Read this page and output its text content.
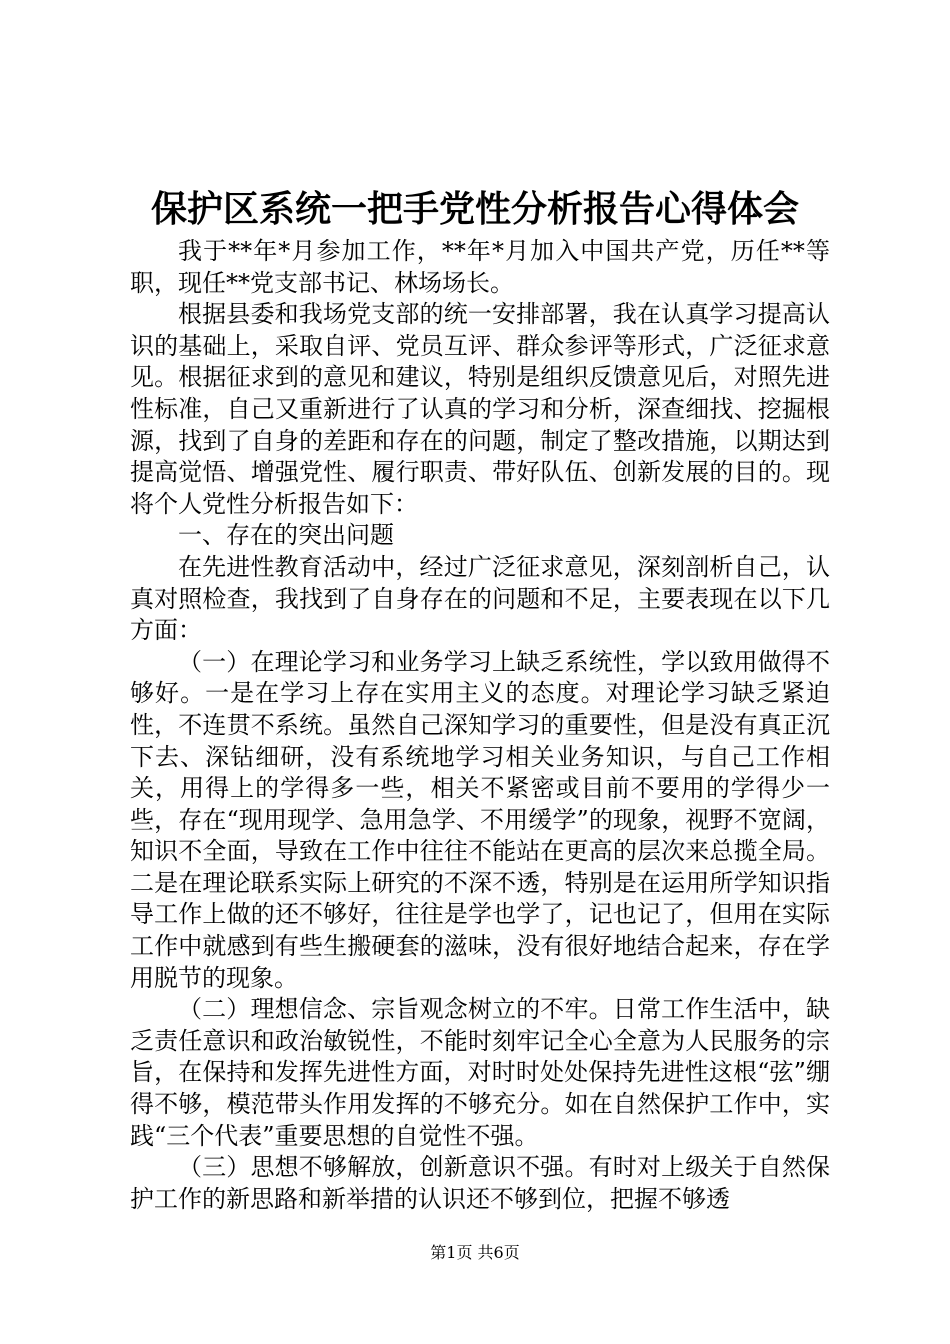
保护区系统一把手党性分析报告心得体会

我于**年*月参加工作，**年*月加入中国共产党，历任**等职，现任**党支部书记、林场场长。

根据县委和我场党支部的统一安排部署，我在认真学习提高认识的基础上，采取自评、党员互评、群众参评等形式，广泛征求意见。根据征求到的意见和建议，特别是组织反馈意见后，对照先进性标准，自己又重新进行了认真的学习和分析，深查细找、挖掘根源，找到了自身的差距和存在的问题，制定了整改措施，以期达到提高觉悟、增强党性、履行职责、带好队伍、创新发展的目的。现将个人党性分析报告如下：

一、存在的突出问题

在先进性教育活动中，经过广泛征求意见，深刻剖析自己，认真对照检查，我找到了自身存在的问题和不足，主要表现在以下几方面：

（一）在理论学习和业务学习上缺乏系统性，学以致用做得不够好。一是在学习上存在实用主义的态度。对理论学习缺乏紧迫性，不连贯不系统。虽然自己深知学习的重要性，但是没有真正沉下去、深钻细研，没有系统地学习相关业务知识，与自己工作相关，用得上的学得多一些，相关不紧密或目前不要用的学得少一些，存在“现用现学、急用急学、不用缓学”的现象，视野不宽阔，知识不全面，导致在工作中往往不能站在更高的层次来总揽全局。二是在理论联系实际上研究的不深不透，特别是在运用所学知识指导工作上做的还不够好，往往是学也学了，记也记了，但用在实际工作中就感到有些生搬硬套的滋味，没有很好地结合起来，存在学用脱节的现象。

（二）理想信念、宗旨观念树立的不牢。日常工作生活中，缺乏责任意识和政治敏锐性，不能时刻牢记全心全意为人民服务的宗旨，在保持和发挥先进性方面，对时时处处保持先进性这根“弦”绷得不够，模范带头作用发挥的不够充分。如在自然保护工作中，实践“三个代表”重要思想的自觉性不强。

（三）思想不够解放，创新意识不强。有时对上级关于自然保护工作的新思路和新举措的认识还不够到位，把握不够透

第1页 共6页
